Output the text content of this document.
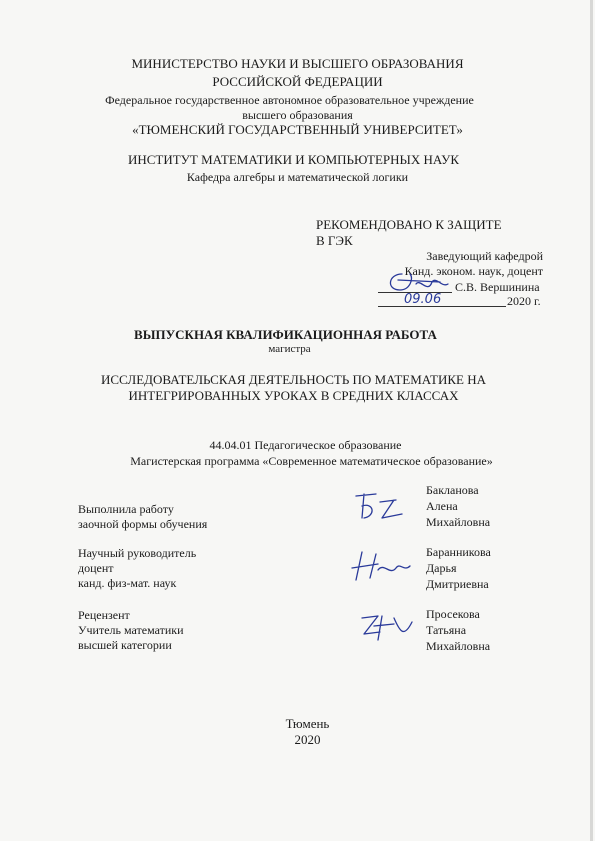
МИНИСТЕРСТВО НАУКИ И ВЫСШЕГО ОБРАЗОВАНИЯ
РОССИЙСКОЙ ФЕДЕРАЦИИ
Федеральное государственное автономное образовательное учреждение
высшего образования
«ТЮМЕНСКИЙ ГОСУДАРСТВЕННЫЙ УНИВЕРСИТЕТ»
ИНСТИТУТ МАТЕМАТИКИ И КОМПЬЮТЕРНЫХ НАУК
Кафедра алгебры и математической логики
РЕКОМЕНДОВАНО К ЗАЩИТЕ
В ГЭК
Заведующий кафедрой
Канд. эконом. наук, доцент
С.В. Вершинина
09.06	2020 г.
ВЫПУСКНАЯ КВАЛИФИКАЦИОННАЯ РАБОТА
магистра
ИССЛЕДОВАТЕЛЬСКАЯ ДЕЯТЕЛЬНОСТЬ ПО МАТЕМАТИКЕ НА
ИНТЕГРИРОВАННЫХ УРОКАХ В СРЕДНИХ КЛАССАХ
44.04.01 Педагогическое образование
Магистерская программа «Современное математическое образование»
Выполнила работу
заочной формы обучения
Бакланова
Алена
Михайловна
Научный руководитель
доцент
канд. физ-мат. наук
Баранникова
Дарья
Дмитриевна
Рецензент
Учитель математики
высшей категории
Просекова
Татьяна
Михайловна
Тюмень
2020
